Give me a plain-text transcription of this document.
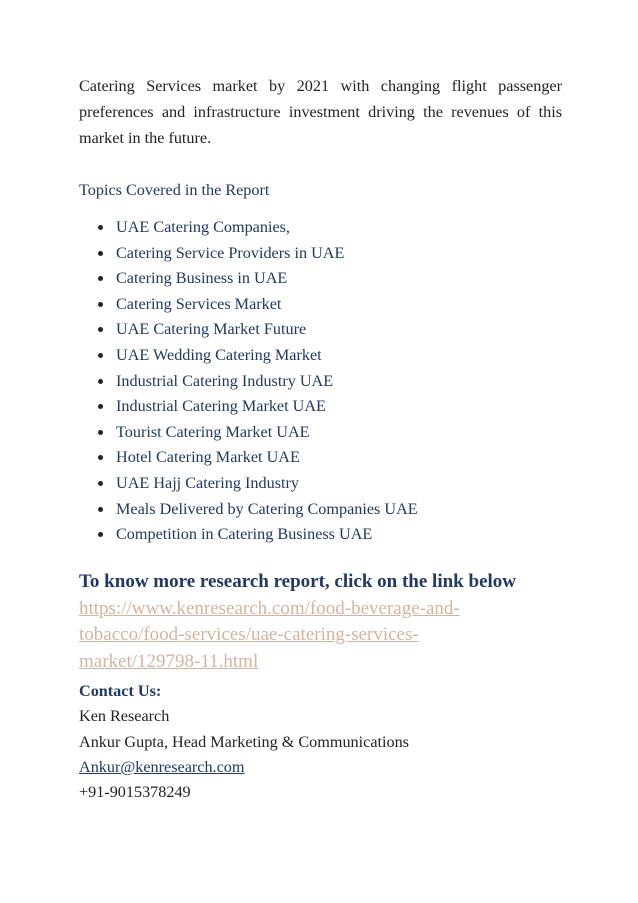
Catering Services market by 2021 with changing flight passenger preferences and infrastructure investment driving the revenues of this market in the future.

Topics Covered in the Report

UAE Catering Companies,
Catering Service Providers in UAE
Catering Business in UAE
Catering Services Market
UAE Catering Market Future
UAE Wedding Catering Market
Industrial Catering Industry UAE
Industrial Catering Market UAE
Tourist Catering Market UAE
Hotel Catering Market UAE
UAE Hajj Catering Industry
Meals Delivered by Catering Companies UAE
Competition in Catering Business UAE

To know more research report, click on the link below

https://www.kenresearch.com/food-beverage-and-
tobacco/food-services/uae-catering-services-
market/129798-11.html
Contact Us:
Ken Research
Ankur Gupta, Head Marketing & Communications
Ankur@kenresearch.com
+91-9015378249
